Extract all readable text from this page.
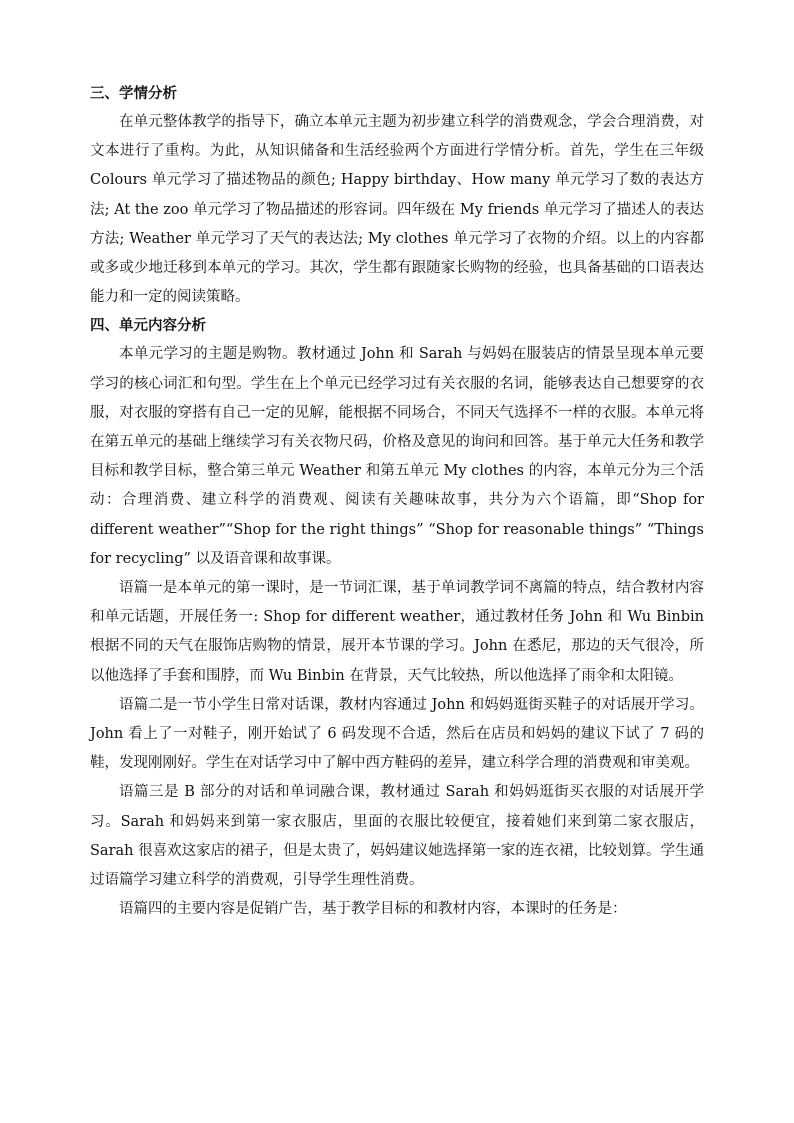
三、学情分析

在单元整体教学的指导下，确立本单元主题为初步建立科学的消费观念，学会合理消费，对文本进行了重构。为此，从知识储备和生活经验两个方面进行学情分析。首先，学生在三年级 Colours 单元学习了描述物品的颜色; Happy birthday、How many 单元学习了数的表达方法; At the zoo 单元学习了物品描述的形容词。四年级在 My friends 单元学习了描述人的表达方法; Weather 单元学习了天气的表达法; My clothes 单元学习了衣物的介绍。以上的内容都或多或少地迁移到本单元的学习。其次，学生都有跟随家长购物的经验，也具备基础的口语表达能力和一定的阅读策略。

四、单元内容分析

本单元学习的主题是购物。教材通过 John 和 Sarah 与妈妈在服装店的情景呈现本单元要学习的核心词汇和句型。学生在上个单元已经学习过有关衣服的名词，能够表达自己想要穿的衣服，对衣服的穿搭有自己一定的见解，能根据不同场合，不同天气选择不一样的衣服。本单元将在第五单元的基础上继续学习有关衣物尺码，价格及意见的询问和回答。基于单元大任务和教学目标和教学目标，整合第三单元 Weather 和第五单元 My clothes 的内容，本单元分为三个活动：合理消费、建立科学的消费观、阅读有关趣味故事，共分为六个语篇，即“Shop for different weather”“Shop for the right things” “Shop for reasonable things” “Things for recycling” 以及语音课和故事课。

语篇一是本单元的第一课时，是一节词汇课，基于单词教学词不离篇的特点，结合教材内容和单元话题，开展任务一: Shop for different weather，通过教材任务 John 和 Wu Binbin 根据不同的天气在服饰店购物的情景，展开本节课的学习。John 在悉尼，那边的天气很冷，所以他选择了手套和围脖，而 Wu Binbin 在背景，天气比较热，所以他选择了雨伞和太阳镜。

语篇二是一节小学生日常对话课，教材内容通过 John 和妈妈逛街买鞋子的对话展开学习。John 看上了一对鞋子，刚开始试了 6 码发现不合适，然后在店员和妈妈的建议下试了 7 码的鞋，发现刚刚好。学生在对话学习中了解中西方鞋码的差异，建立科学合理的消费观和审美观。

语篇三是 B 部分的对话和单词融合课，教材通过 Sarah 和妈妈逛街买衣服的对话展开学习。Sarah 和妈妈来到第一家衣服店，里面的衣服比较便宜，接着她们来到第二家衣服店，Sarah 很喜欢这家店的裙子，但是太贵了，妈妈建议她选择第一家的连衣裙，比较划算。学生通过语篇学习建立科学的消费观，引导学生理性消费。

语篇四的主要内容是促销广告，基于教学目标的和教材内容，本课时的任务是：
